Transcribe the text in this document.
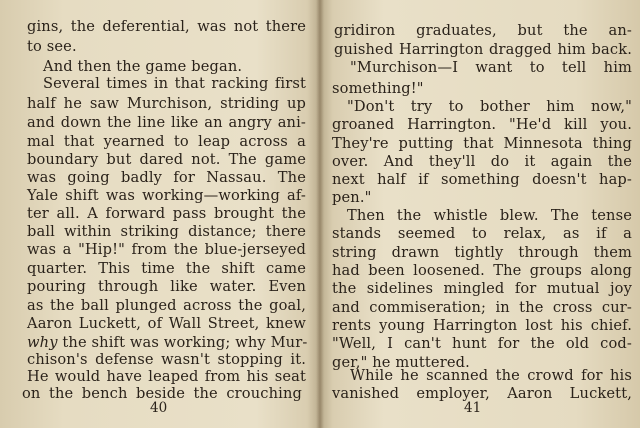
gins, the deferential, was not there
to see.
And then the game began.
Several times in that racking first
half he saw Murchison, striding up
and down the line like an angry ani-
mal that yearned to leap across a
boundary but dared not. The game
was going badly for Nassau. The
Yale shift was working—working af-
ter all. A forward pass brought the
ball within striking distance; there
was a "Hip!" from the blue-jerseyed
quarter. This time the shift came
pouring through like water. Even
as the ball plunged across the goal,
Aaron Luckett, of Wall Street, knew
why the shift was working; why Mur-
chison's defense wasn't stopping it.
He would have leaped from his seat
on the bench beside the crouching
40
gridiron graduates, but the an-
guished Harrington dragged him back.
"Murchison—I want to tell him
something!"
"Don't try to bother him now,"
groaned Harrington. "He'd kill you.
They're putting that Minnesota thing
over. And they'll do it again the
next half if something doesn't hap-
pen."
Then the whistle blew. The tense
stands seemed to relax, as if a
string drawn tightly through them
had been loosened. The groups along
the sidelines mingled for mutual joy
and commiseration; in the cross cur-
rents young Harrington lost his chief.
"Well, I can't hunt for the old cod-
ger," he muttered.
While he scanned the crowd for his
vanished employer, Aaron Luckett,
41
